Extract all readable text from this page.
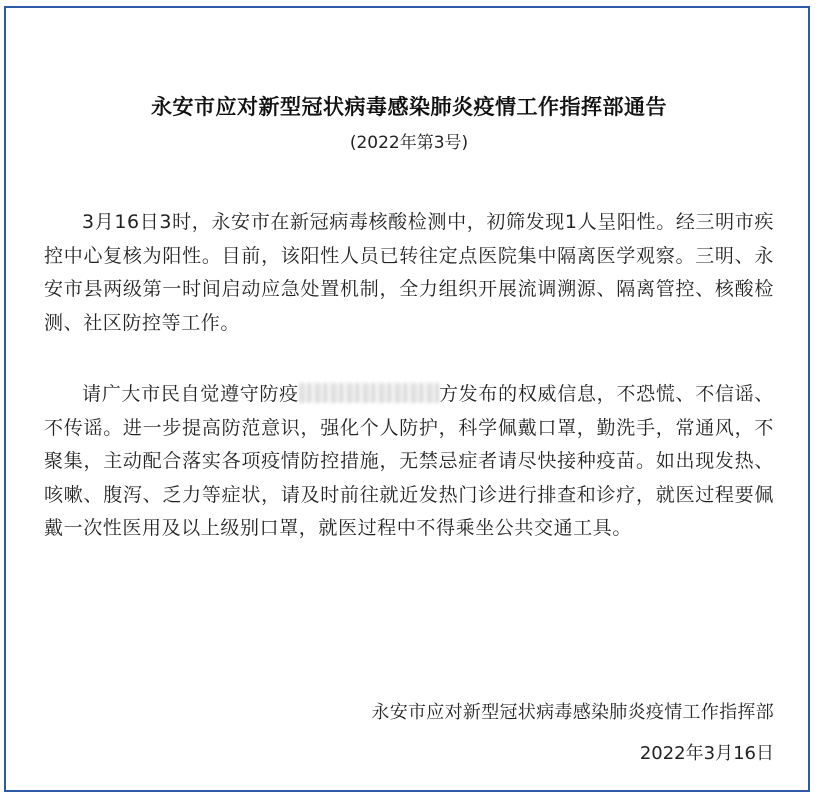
永安市应对新型冠状病毒感染肺炎疫情工作指挥部通告
(2022年第3号)

3月16日3时，永安市在新冠病毒核酸检测中，初筛发现1人呈阳性。经三明市疾控中心复核为阳性。目前，该阳性人员已转往定点医院集中隔离医学观察。三明、永安市县两级第一时间启动应急处置机制，全力组织开展流调溯源、隔离管控、核酸检测、社区防控等工作。

请广大市民自觉遵守防疫	方发布的权威信息，不恐慌、不信谣、不传谣。进一步提高防范意识，强化个人防护，科学佩戴口罩，勤洗手，常通风，不聚集，主动配合落实各项疫情防控措施，无禁忌症者请尽快接种疫苗。如出现发热、咳嗽、腹泻、乏力等症状，请及时前往就近发热门诊进行排查和诊疗，就医过程要佩戴一次性医用及以上级别口罩，就医过程中不得乘坐公共交通工具。

永安市应对新型冠状病毒感染肺炎疫情工作指挥部
2022年3月16日
